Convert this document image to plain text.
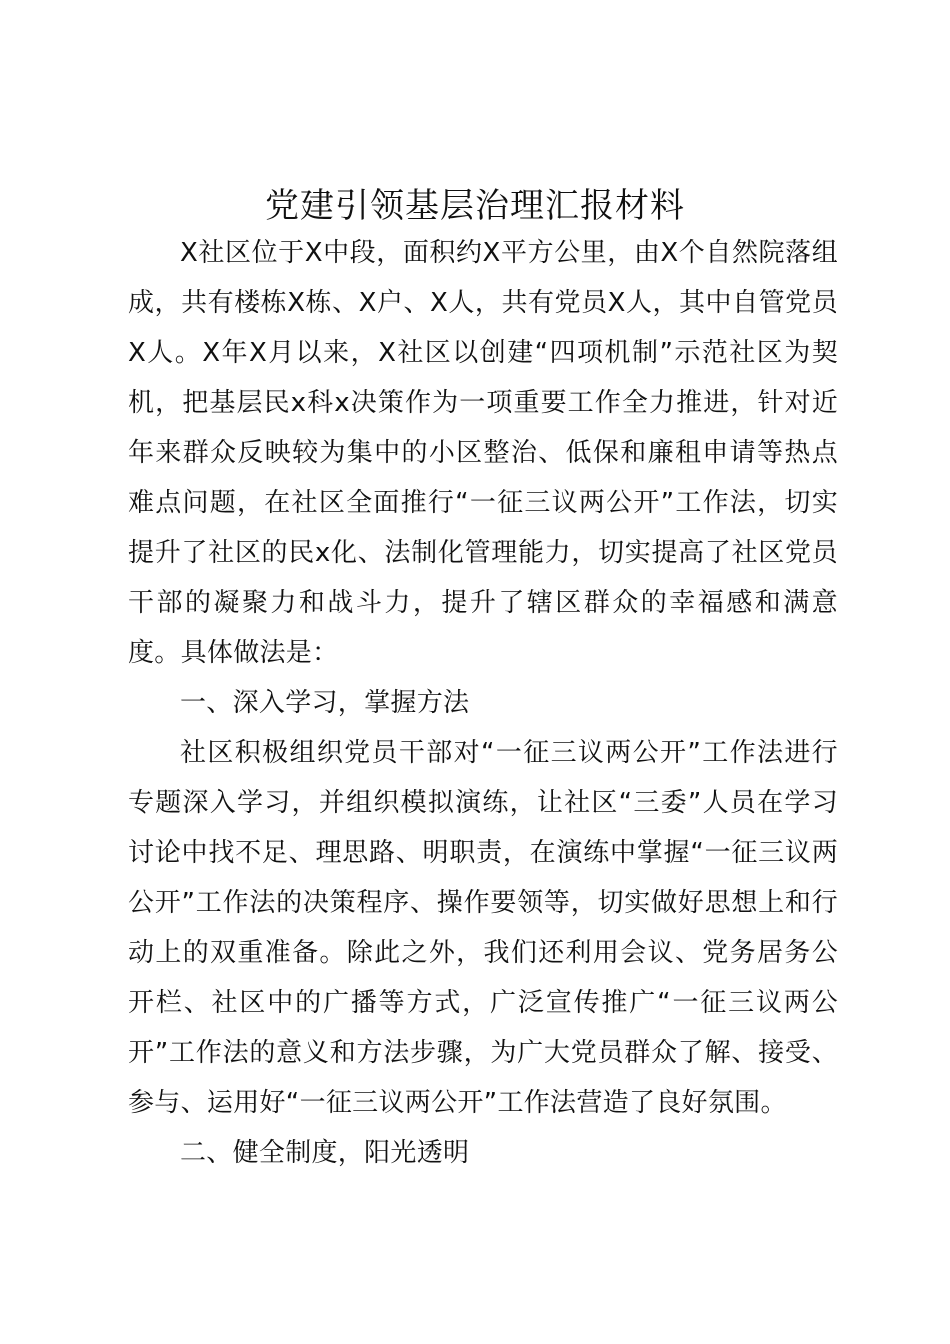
党建引领基层治理汇报材料

X社区位于X中段，面积约X平方公里，由X个自然院落组成，共有楼栋X栋、X户、X人，共有党员X人，其中自管党员X人。X年X月以来，X社区以创建“四项机制”示范社区为契机，把基层民x科x决策作为一项重要工作全力推进，针对近年来群众反映较为集中的小区整治、低保和廉租申请等热点难点问题，在社区全面推行“一征三议两公开”工作法，切实提升了社区的民x化、法制化管理能力，切实提高了社区党员干部的凝聚力和战斗力，提升了辖区群众的幸福感和满意度。具体做法是：

一、深入学习，掌握方法

社区积极组织党员干部对“一征三议两公开”工作法进行专题深入学习，并组织模拟演练，让社区“三委”人员在学习讨论中找不足、理思路、明职责，在演练中掌握“一征三议两公开”工作法的决策程序、操作要领等，切实做好思想上和行动上的双重准备。除此之外，我们还利用会议、党务居务公开栏、社区中的广播等方式，广泛宣传推广“一征三议两公开”工作法的意义和方法步骤，为广大党员群众了解、接受、参与、运用好“一征三议两公开”工作法营造了良好氛围。

二、健全制度，阳光透明
